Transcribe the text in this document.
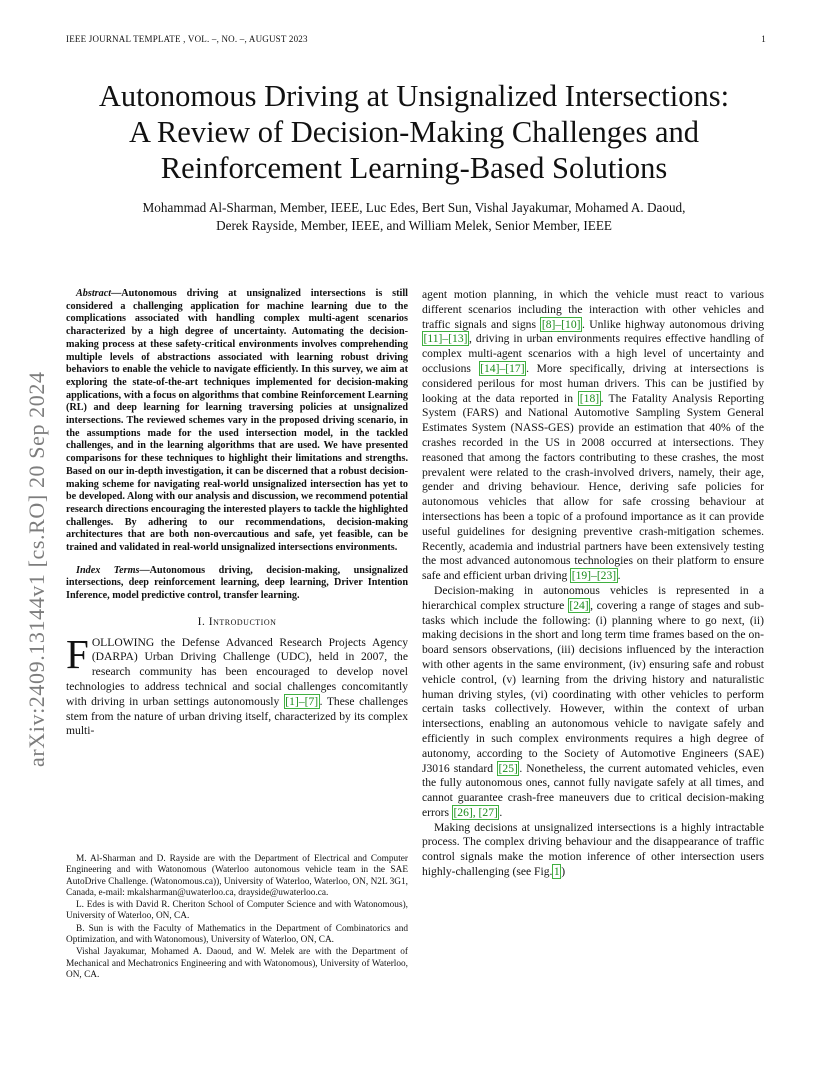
IEEE JOURNAL TEMPLATE , VOL. –, NO. –, AUGUST 2023	1
Autonomous Driving at Unsignalized Intersections:
A Review of Decision-Making Challenges and
Reinforcement Learning-Based Solutions
Mohammad Al-Sharman, Member, IEEE, Luc Edes, Bert Sun, Vishal Jayakumar, Mohamed A. Daoud,
Derek Rayside, Member, IEEE, and William Melek, Senior Member, IEEE
arXiv:2409.13144v1 [cs.RO] 20 Sep 2024

Abstract—Autonomous driving at unsignalized intersections is still considered a challenging application for machine learning due to the complications associated with handling complex multi-agent scenarios characterized by a high degree of uncertainty. Automating the decision-making process at these safety-critical environments involves comprehending multiple levels of abstractions associated with learning robust driving behaviors to enable the vehicle to navigate efficiently. In this survey, we aim at exploring the state-of-the-art techniques implemented for decision-making applications, with a focus on algorithms that combine Reinforcement Learning (RL) and deep learning for learning traversing policies at unsignalized intersections. The reviewed schemes vary in the proposed driving scenario, in the assumptions made for the used intersection model, in the tackled challenges, and in the learning algorithms that are used. We have presented comparisons for these techniques to highlight their limitations and strengths. Based on our in-depth investigation, it can be discerned that a robust decision-making scheme for navigating real-world unsignalized intersection has yet to be developed. Along with our analysis and discussion, we recommend potential research directions encouraging the interested players to tackle the highlighted challenges. By adhering to our recommendations, decision-making architectures that are both non-overcautious and safe, yet feasible, can be trained and validated in real-world unsignalized intersections environments.

Index Terms—Autonomous driving, decision-making, unsignalized intersections, deep reinforcement learning, deep learning, Driver Intention Inference, model predictive control, transfer learning.

I. Introduction

FOLLOWING the Defense Advanced Research Projects Agency (DARPA) Urban Driving Challenge (UDC), held in 2007, the research community has been encouraged to develop novel technologies to address technical and social challenges concomitantly with driving in urban settings autonomously [1]–[7] . These challenges stem from the nature of urban driving itself, characterized by its complex multi-

M. Al-Sharman and D. Rayside are with the Department of Electrical and Computer Engineering and with Watonomous (Waterloo autonomous vehicle team in the SAE AutoDrive Challenge. (Watonomous.ca)), University of Waterloo, Waterloo, ON, N2L 3G1, Canada, e-mail: mkalsharman@uwaterloo.ca, drayside@uwaterloo.ca.

L. Edes is with David R. Cheriton School of Computer Science and with Watonomous), University of Waterloo, ON, CA.

B. Sun is with the Faculty of Mathematics in the Department of Combinatorics and Optimization, and with Watonomous), University of Waterloo, ON, CA.

Vishal Jayakumar, Mohamed A. Daoud, and W. Melek are with the Department of Mechanical and Mechatronics Engineering and with Watonomous), University of Waterloo, ON, CA.

agent motion planning, in which the vehicle must react to various different scenarios including the interaction with other vehicles and traffic signals and signs [8]–[10] . Unlike highway autonomous driving [11]–[13] , driving in urban environments requires effective handling of complex multi-agent scenarios with a high level of uncertainty and occlusions [14]–[17] . More specifically, driving at intersections is considered perilous for most human drivers. This can be justified by looking at the data reported in [18] . The Fatality Analysis Reporting System (FARS) and National Automotive Sampling System General Estimates System (NASS-GES) provide an estimation that 40% of the crashes recorded in the US in 2008 occurred at intersections. They reasoned that among the factors contributing to these crashes, the most prevalent were related to the crash-involved drivers, namely, their age, gender and driving behaviour. Hence, deriving safe policies for autonomous vehicles that allow for safe crossing behaviour at intersections has been a topic of a profound importance as it can provide useful guidelines for designing preventive crash-mitigation schemes. Recently, academia and industrial partners have been extensively testing the most advanced autonomous technologies on their platform to ensure safe and efficient urban driving [19]–[23] .

Decision-making in autonomous vehicles is represented in a hierarchical complex structure [24] , covering a range of stages and sub-tasks which include the following: (i) planning where to go next, (ii) making decisions in the short and long term time frames based on the on-board sensors observations, (iii) decisions influenced by the interaction with other agents in the same environment, (iv) ensuring safe and robust vehicle control, (v) learning from the driving history and naturalistic human driving styles, (vi) coordinating with other vehicles to perform certain tasks collectively. However, within the context of urban intersections, enabling an autonomous vehicle to navigate safely and efficiently in such complex environments requires a high degree of autonomy, according to the Society of Automotive Engineers (SAE) J3016 standard [25] . Nonetheless, the current automated vehicles, even the fully autonomous ones, cannot fully navigate safely at all times, and cannot guarantee crash-free maneuvers due to critical decision-making errors [26], [27] .

Making decisions at unsignalized intersections is a highly intractable process. The complex driving behaviour and the disappearance of traffic control signals make the motion inference of other intersection users highly-challenging (see Fig. 1 )
